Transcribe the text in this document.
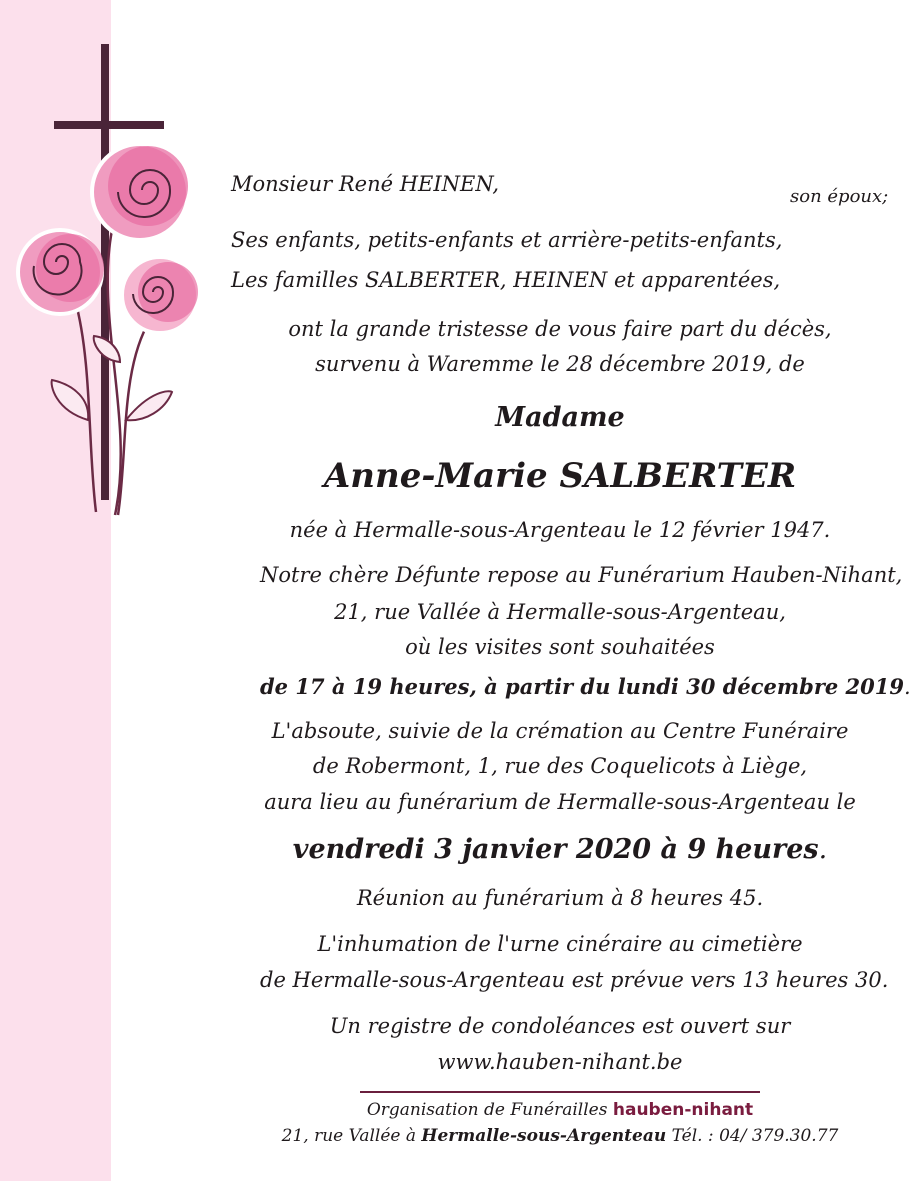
Monsieur René HEINEN,
son époux;
Ses enfants, petits-enfants et arrière-petits-enfants,
Les familles SALBERTER, HEINEN et apparentées,
ont la grande tristesse de vous faire part du décès,
survenu à Waremme le 28 décembre 2019, de
Madame
Anne-Marie SALBERTER
née à Hermalle-sous-Argenteau le 12 février 1947.
Notre chère Défunte repose au Funérarium Hauben-Nihant,
21, rue Vallée à Hermalle-sous-Argenteau,
où les visites sont souhaitées
de 17 à 19 heures, à partir du lundi 30 décembre 2019.
L'absoute, suivie de la crémation au Centre Funéraire
de Robermont, 1, rue des Coquelicots à Liège,
aura lieu au funérarium de Hermalle-sous-Argenteau le
vendredi 3 janvier 2020 à 9 heures.
Réunion au funérarium à 8 heures 45.
L'inhumation de l'urne cinéraire au cimetière
de Hermalle-sous-Argenteau est prévue vers 13 heures 30.
Un registre de condoléances est ouvert sur
www.hauben-nihant.be
Organisation de Funérailles hauben-nihant
21, rue Vallée à Hermalle-sous-Argenteau Tél. : 04/ 379.30.77
